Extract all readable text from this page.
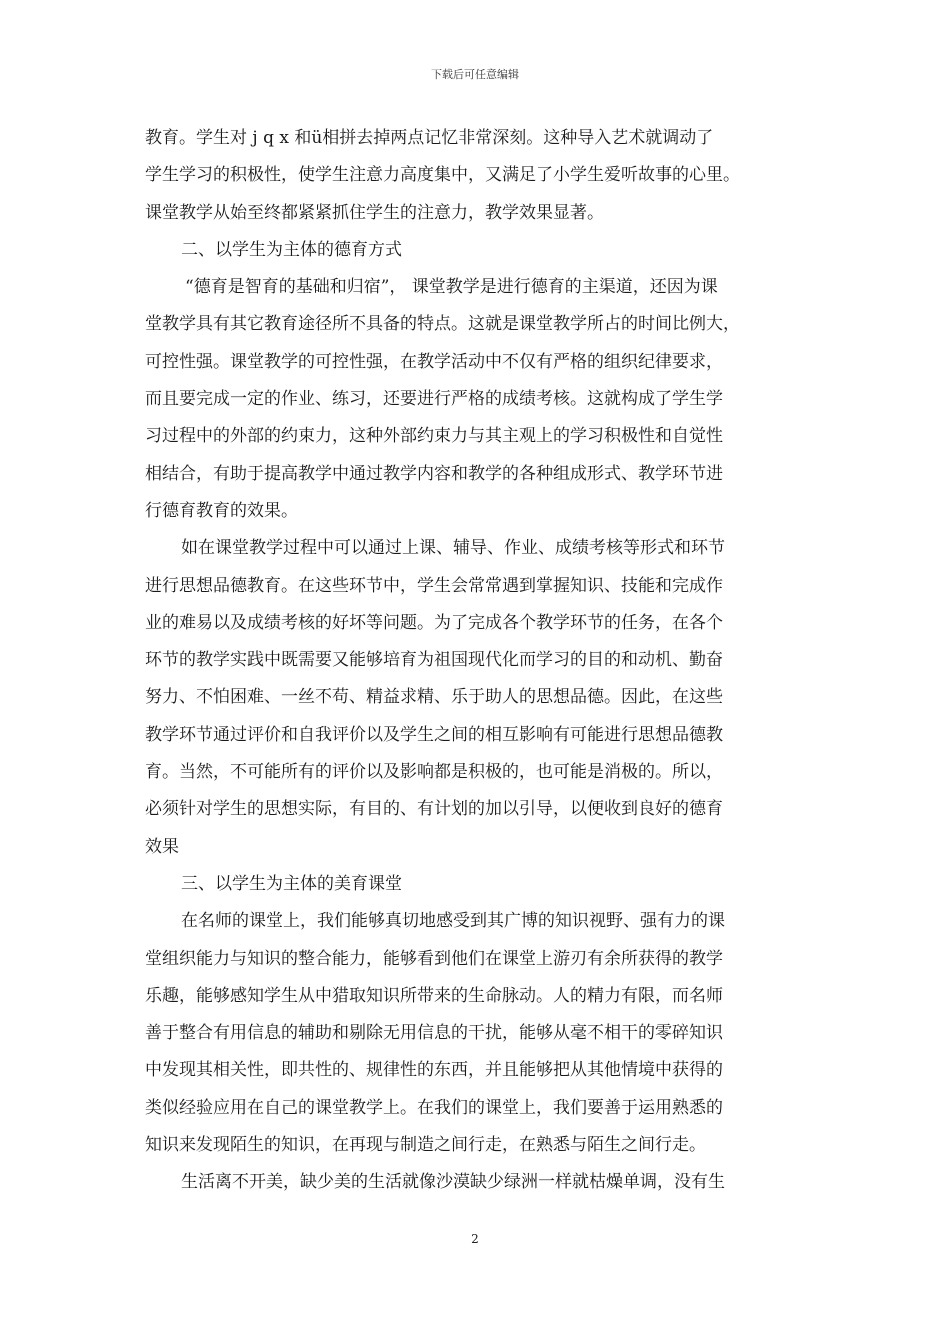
下载后可任意编辑
教育。学生对 j q x 和ü相拼去掉两点记忆非常深刻。这种导入艺术就调动了
学生学习的积极性，使学生注意力高度集中，又满足了小学生爱听故事的心里。
课堂教学从始至终都紧紧抓住学生的注意力，教学效果显著。
二、以学生为主体的德育方式
“德育是智育的基础和归宿”， 课堂教学是进行德育的主渠道，还因为课
堂教学具有其它教育途径所不具备的特点。这就是课堂教学所占的时间比例大，
可控性强。课堂教学的可控性强，在教学活动中不仅有严格的组织纪律要求，
而且要完成一定的作业、练习，还要进行严格的成绩考核。这就构成了学生学
习过程中的外部的约束力，这种外部约束力与其主观上的学习积极性和自觉性
相结合，有助于提高教学中通过教学内容和教学的各种组成形式、教学环节进
行德育教育的效果。
如在课堂教学过程中可以通过上课、辅导、作业、成绩考核等形式和环节
进行思想品德教育。在这些环节中，学生会常常遇到掌握知识、技能和完成作
业的难易以及成绩考核的好坏等问题。为了完成各个教学环节的任务，在各个
环节的教学实践中既需要又能够培育为祖国现代化而学习的目的和动机、勤奋
努力、不怕困难、一丝不苟、精益求精、乐于助人的思想品德。因此，在这些
教学环节通过评价和自我评价以及学生之间的相互影响有可能进行思想品德教
育。当然，不可能所有的评价以及影响都是积极的，也可能是消极的。所以，
必须针对学生的思想实际，有目的、有计划的加以引导，以便收到良好的德育
效果
三、以学生为主体的美育课堂
在名师的课堂上，我们能够真切地感受到其广博的知识视野、强有力的课
堂组织能力与知识的整合能力，能够看到他们在课堂上游刃有余所获得的教学
乐趣，能够感知学生从中猎取知识所带来的生命脉动。人的精力有限，而名师
善于整合有用信息的辅助和剔除无用信息的干扰，能够从毫不相干的零碎知识
中发现其相关性，即共性的、规律性的东西，并且能够把从其他情境中获得的
类似经验应用在自己的课堂教学上。在我们的课堂上，我们要善于运用熟悉的
知识来发现陌生的知识，在再现与制造之间行走，在熟悉与陌生之间行走。
生活离不开美，缺少美的生活就像沙漠缺少绿洲一样就枯燥单调，没有生
2
